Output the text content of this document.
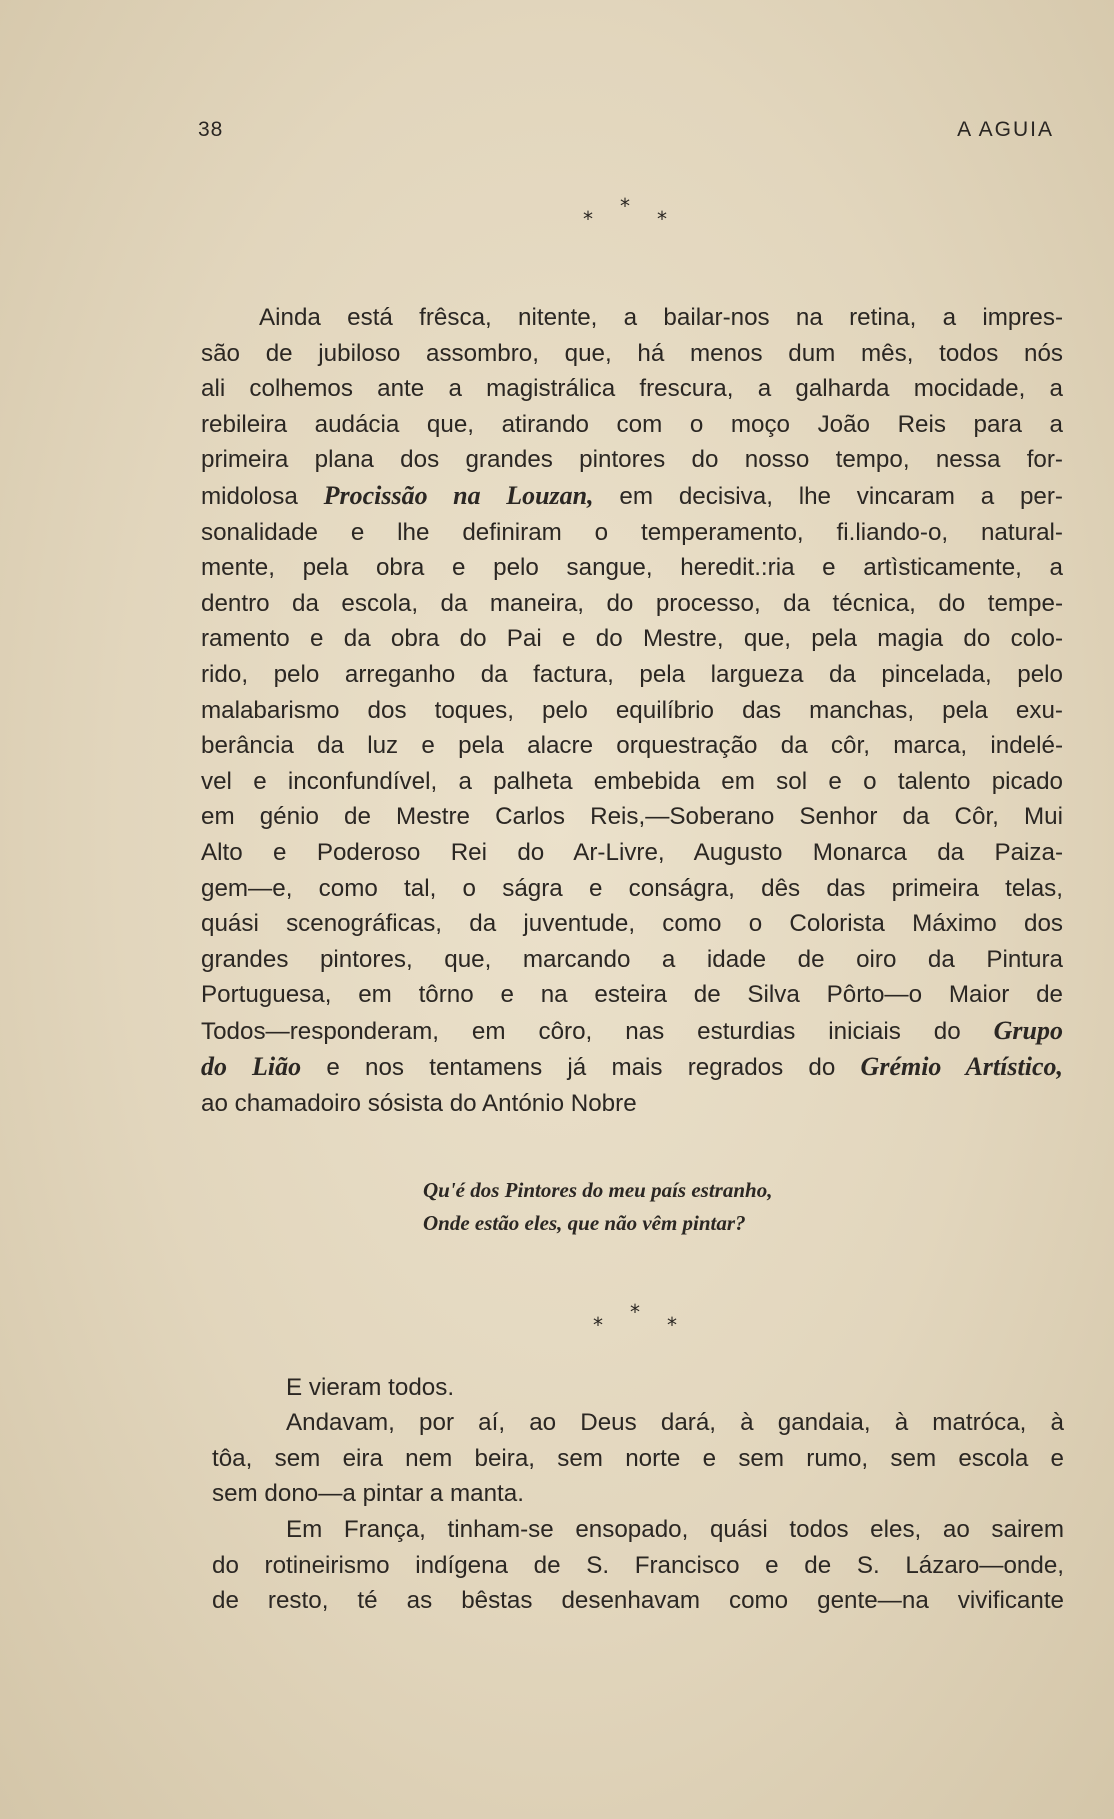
38	A AGUIA
*
*	*
Ainda está frêsca, nitente, a bailar-nos na retina, a impres-
são de jubiloso assombro, que, há menos dum mês, todos nós
ali colhemos ante a magistrálica frescura, a galharda mocidade, a
rebileira audácia que, atirando com o moço João Reis para a
primeira plana dos grandes pintores do nosso tempo, nessa for-
midolosa Procissão na Louzan, em decisiva, lhe vincaram a per-
sonalidade e lhe definiram o temperamento, fi.liando-o, natural-
mente, pela obra e pelo sangue, heredit.:ria e artìsticamente, a
dentro da escola, da maneira, do processo, da técnica, do tempe-
ramento e da obra do Pai e do Mestre, que, pela magia do colo-
rido, pelo arreganho da factura, pela largueza da pincelada, pelo
malabarismo dos toques, pelo equilíbrio das manchas, pela exu-
berância da luz e pela alacre orquestração da côr, marca, indelé-
vel e inconfundível, a palheta embebida em sol e o talento picado
em génio de Mestre Carlos Reis,—Soberano Senhor da Côr, Mui
Alto e Poderoso Rei do Ar-Livre, Augusto Monarca da Paiza-
gem—e, como tal, o ságra e conságra, dês das primeira telas,
quási scenográficas, da juventude, como o Colorista Máximo dos
grandes pintores, que, marcando a idade de oiro da Pintura
Portuguesa, em tôrno e na esteira de Silva Pôrto—o Maior de
Todos—responderam, em côro, nas esturdias iniciais do Grupo
do Lião e nos tentamens já mais regrados do Grémio Artístico,
ao chamadoiro sósista do António Nobre
Qu'é dos Pintores do meu país estranho,
Onde estão eles, que não vêm pintar?
*
*	*
E vieram todos.
Andavam, por aí, ao Deus dará, à gandaia, à matróca, à
tôa, sem eira nem beira, sem norte e sem rumo, sem escola e
sem dono—a pintar a manta.
Em França, tinham-se ensopado, quási todos eles, ao sairem
do rotineirismo indígena de S. Francisco e de S. Lázaro—onde,
de resto, té as bêstas desenhavam como gente—na vivificante
